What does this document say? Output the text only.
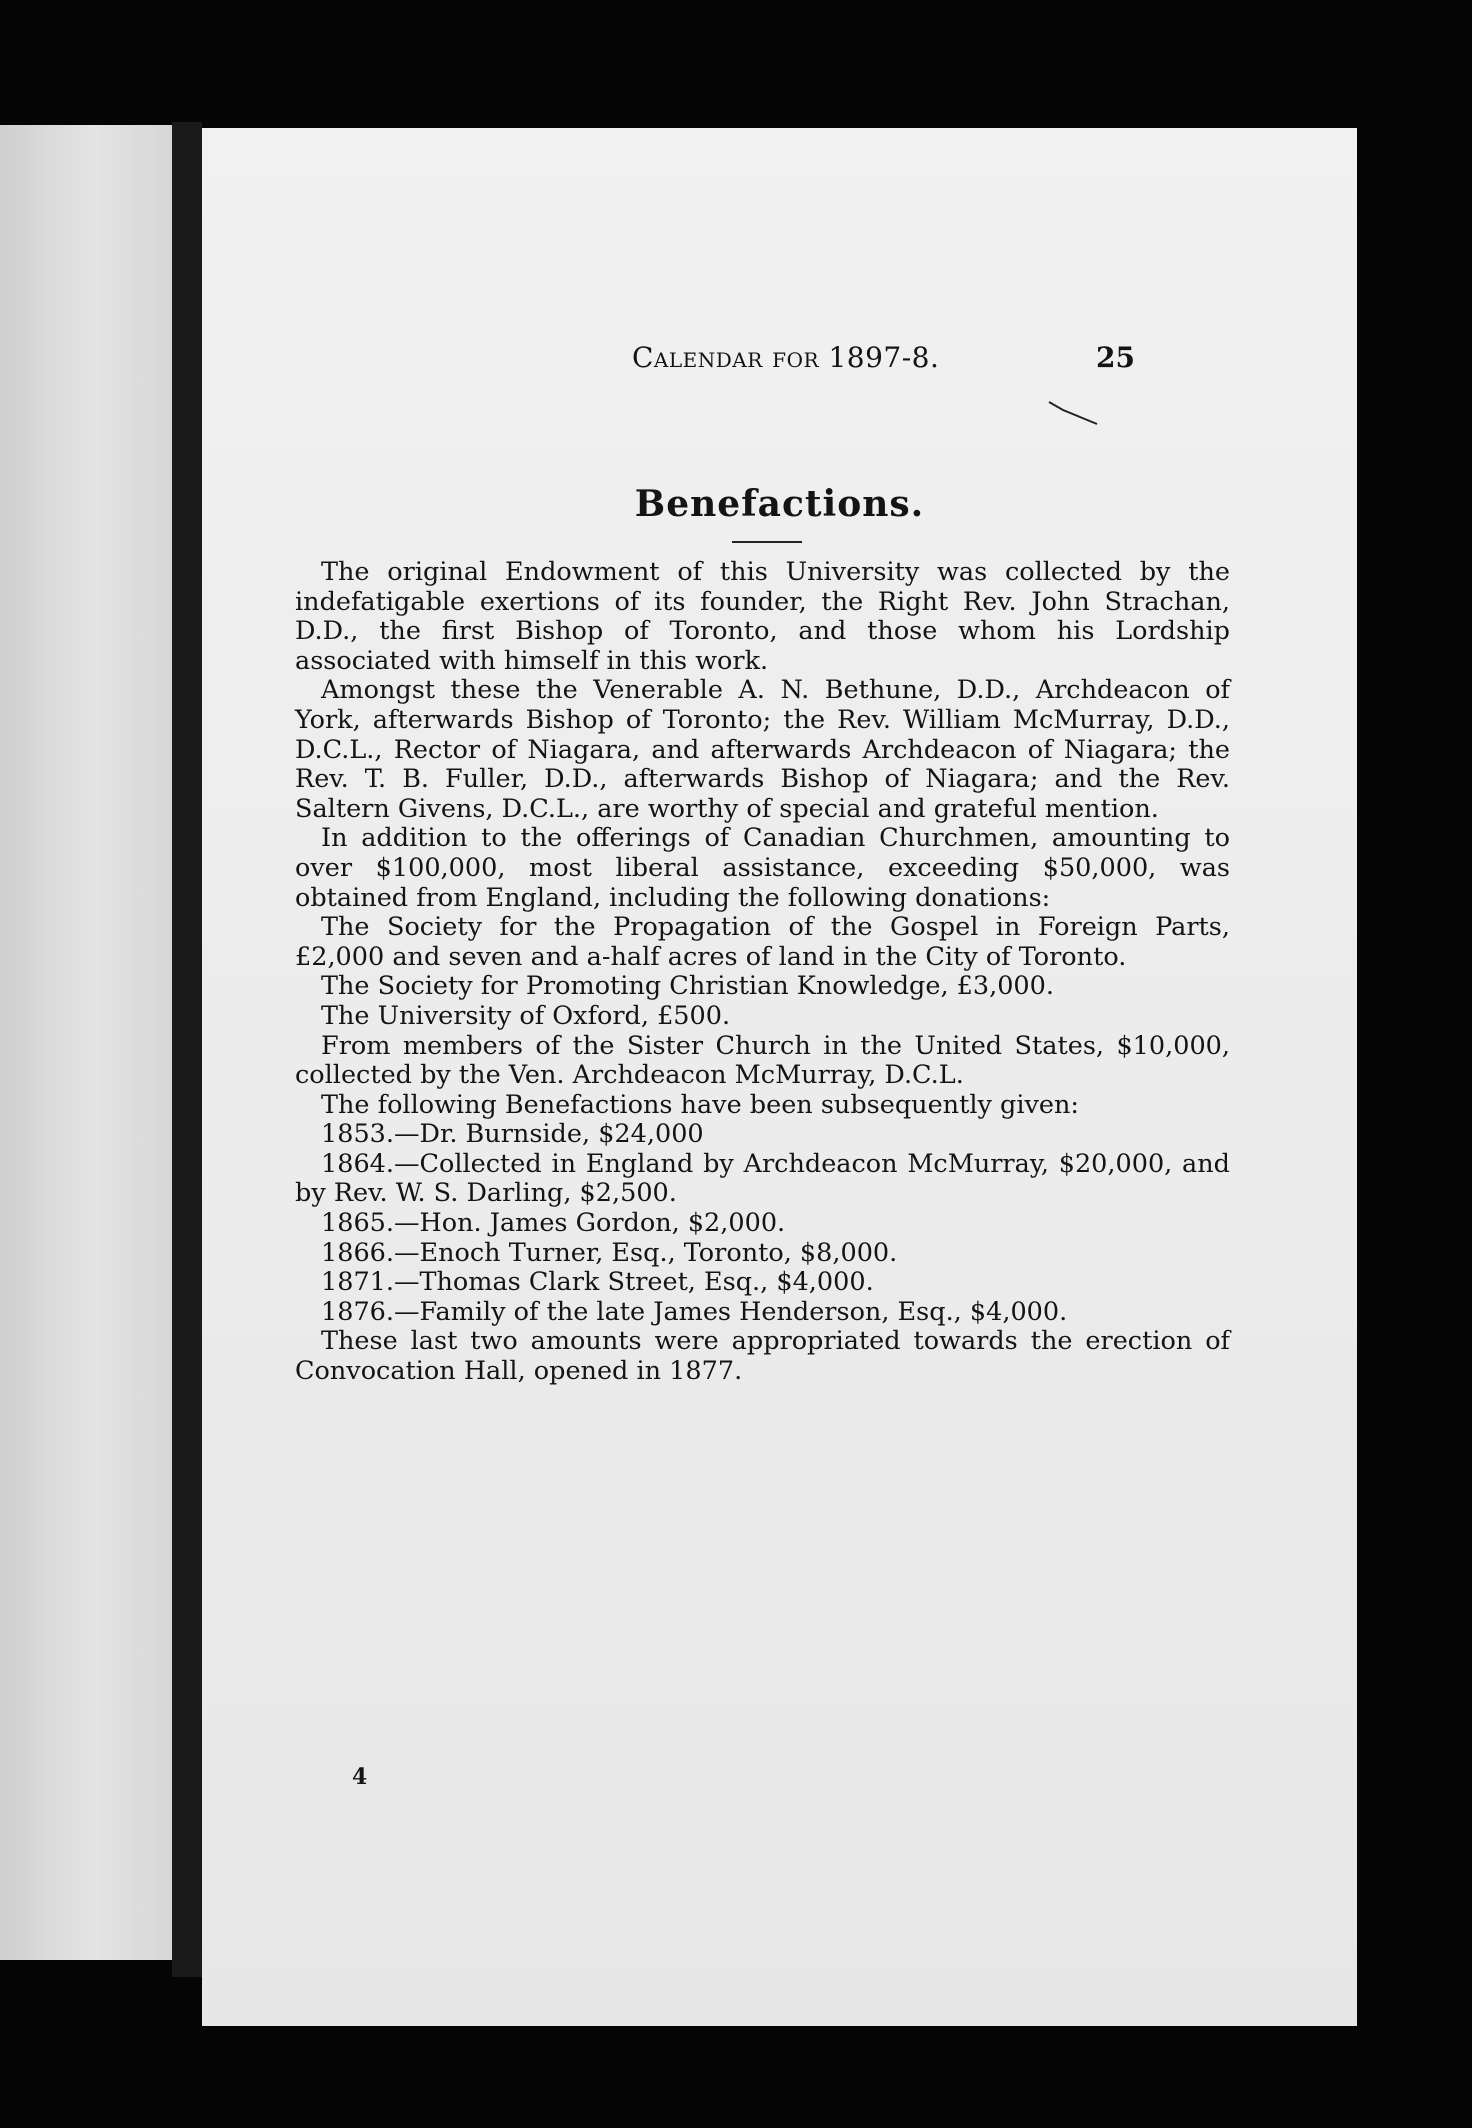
Calendar for 1897-8.	25
Benefactions.

The original Endowment of this University was collected by the indefatigable exertions of its founder, the Right Rev. John Strachan, D.D., the first Bishop of Toronto, and those whom his Lordship associated with himself in this work.

Amongst these the Venerable A. N. Bethune, D.D., Archdeacon of York, afterwards Bishop of Toronto; the Rev. William McMurray, D.D., D.C.L., Rector of Niagara, and afterwards Archdeacon of Niagara; the Rev. T. B. Fuller, D.D., afterwards Bishop of Niagara; and the Rev. Saltern Givens, D.C.L., are worthy of special and grateful mention.

In addition to the offerings of Canadian Churchmen, amounting to over $100,000, most liberal assistance, exceeding $50,000, was obtained from England, including the following donations:

The Society for the Propagation of the Gospel in Foreign Parts, £2,000 and seven and a-half acres of land in the City of Toronto.

The Society for Promoting Christian Knowledge, £3,000.

The University of Oxford, £500.

From members of the Sister Church in the United States, $10,000, collected by the Ven. Archdeacon McMurray, D.C.L.

The following Benefactions have been subsequently given:

1853.—Dr. Burnside, $24,000

1864.—Collected in England by Archdeacon McMurray, $20,000, and by Rev. W. S. Darling, $2,500.

1865.—Hon. James Gordon, $2,000.

1866.—Enoch Turner, Esq., Toronto, $8,000.

1871.—Thomas Clark Street, Esq., $4,000.

1876.—Family of the late James Henderson, Esq., $4,000.

These last two amounts were appropriated towards the erection of Convocation Hall, opened in 1877.

4
